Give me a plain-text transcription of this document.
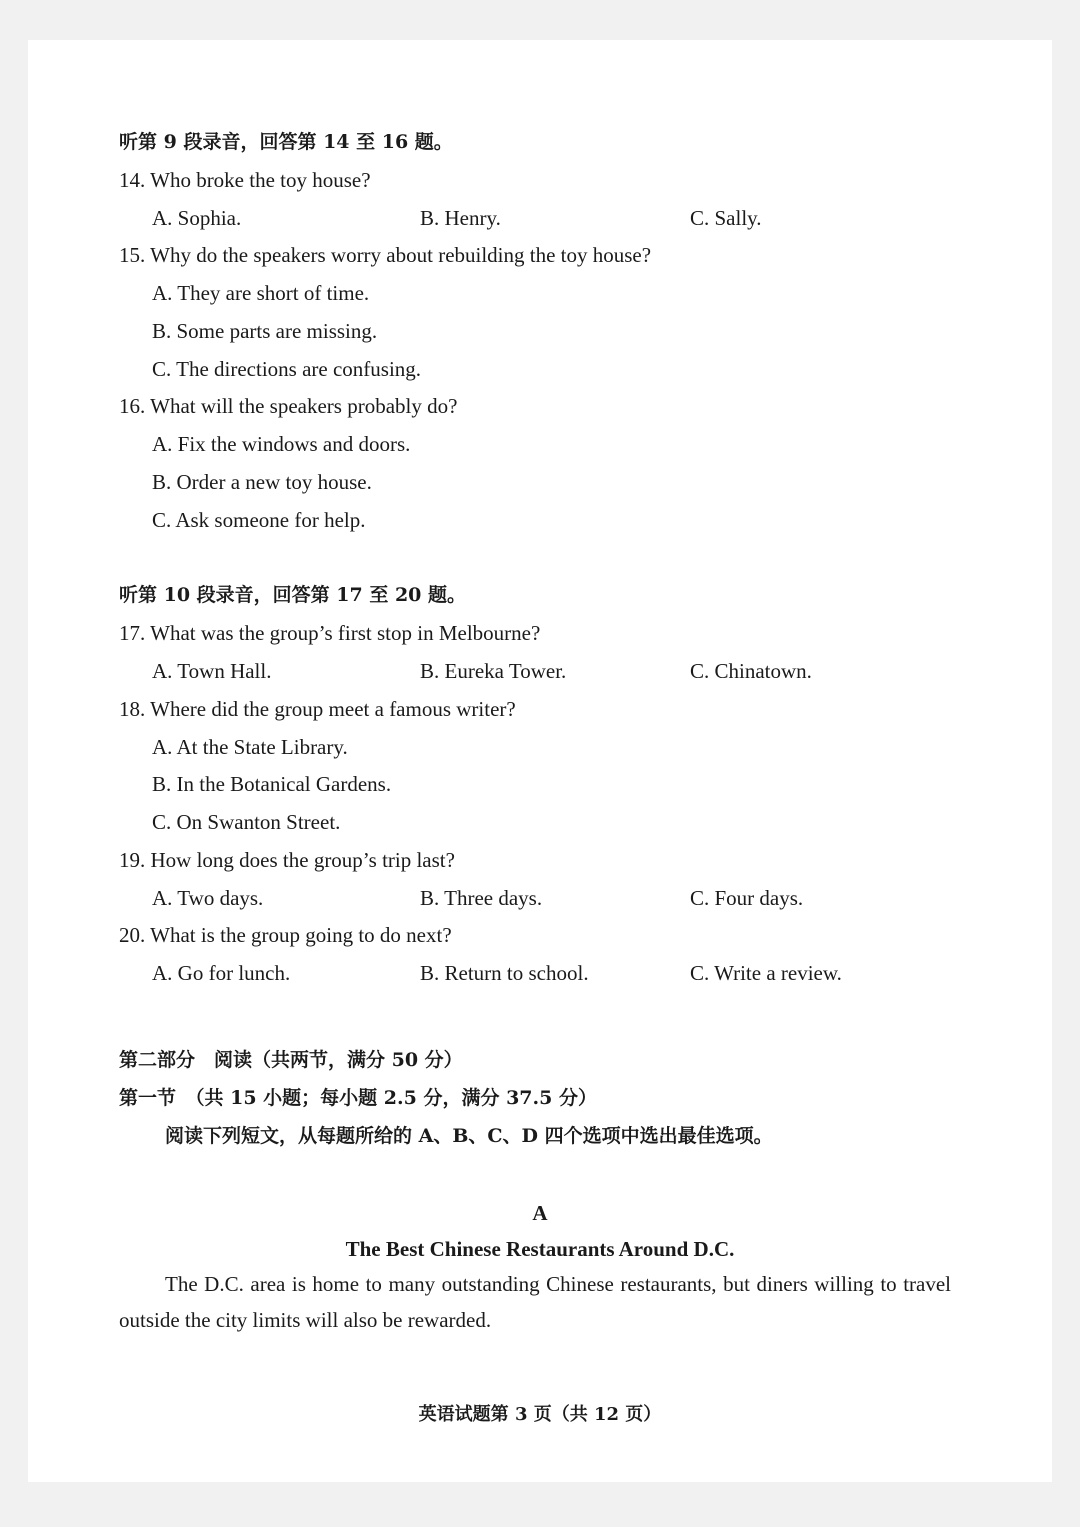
听第 9 段录音，回答第 14 至 16 题。
14. Who broke the toy house?
A. Sophia.	B. Henry.	C. Sally.
15. Why do the speakers worry about rebuilding the toy house?
A. They are short of time.
B. Some parts are missing.
C. The directions are confusing.
16. What will the speakers probably do?
A. Fix the windows and doors.
B. Order a new toy house.
C. Ask someone for help.
听第 10 段录音，回答第 17 至 20 题。
17. What was the group’s first stop in Melbourne?
A. Town Hall.	B. Eureka Tower.	C. Chinatown.
18. Where did the group meet a famous writer?
A. At the State Library.
B. In the Botanical Gardens.
C. On Swanton Street.
19. How long does the group’s trip last?
A. Two days.	B. Three days.	C. Four days.
20. What is the group going to do next?
A. Go for lunch.	B. Return to school.	C. Write a review.
第二部分　阅读（共两节，满分 50 分）
第一节　（共 15 小题；每小题 2.5 分，满分 37.5 分）
阅读下列短文，从每题所给的 A、B、C、D 四个选项中选出最佳选项。
A
The Best Chinese Restaurants Around D.C.
The D.C. area is home to many outstanding Chinese restaurants, but diners willing to travel outside the city limits will also be rewarded.
英语试题第 3 页（共 12 页）
